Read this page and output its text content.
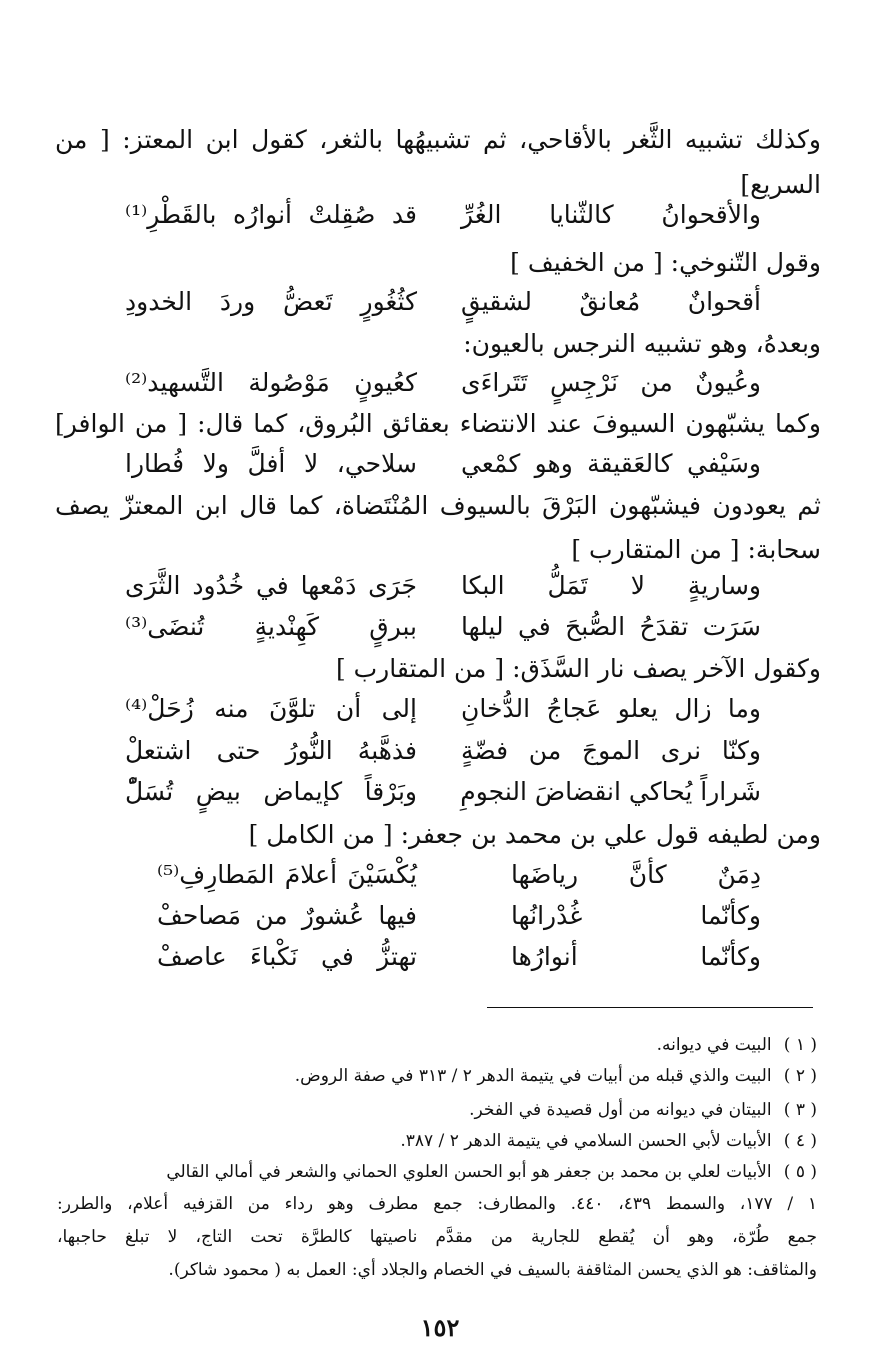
وكذلك تشبيه الثَّغر بالأقاحي، ثم تشبيهُها بالثغر، كقول ابن المعتز: [ من
السريع]
والأقحوانُ كالثّنايا الغُرِّ
قد صُقِلتْ أنوارُه بالقَطْرِ⁽¹⁾
وقول التّنوخي: [ من الخفيف ]
أقحوانٌ مُعانقٌ لشقيقٍ
كثُغُورٍ تَعضُّ وردَ الخدودِ
وبعدهُ، وهو تشبيه النرجس بالعيون:
وعُيونٌ من نَرْجِسٍ تَتَراءَى
كعُيونٍ مَوْصُولة التَّسهيد⁽²⁾
وكما يشبّهون السيوفَ عند الانتضاء بعقائق البُروق، كما قال: [ من الوافر]
وسَيْفي كالعَقيقة وهو كمْعي
سلاحي، لا أفلَّ ولا فُطارا
ثم يعودون فيشبّهون البَرْقَ بالسيوف المُنْتَضاة، كما قال ابن المعتزّ يصف
سحابة: [ من المتقارب ]
وساريةٍ لا تَمَلُّ البكا
جَرَى دَمْعها في خُدُود الثَّرَى
سَرَت تقدَحُ الصُّبحَ في ليلها
ببرقٍ كَهِنْديةٍ تُنضَى⁽³⁾
وكقول الآخر يصف نار السَّذَق: [ من المتقارب ]
وما زال يعلو عَجاجُ الدُّخانِ
إلى أن تلوَّنَ منه زُحَلْ⁽⁴⁾
وكنّا نرى الموجَ من فضّةٍ
فذهَّبهُ النُّورُ حتى اشتعلْ
شَراراً يُحاكي انقضاضَ النجومِ
وبَرْقاً كإيماض بيضٍ تُسَلّْ
ومن لطيفه قول علي بن محمد بن جعفر: [ من الكامل ]
دِمَنٌ كأنَّ رياضَها
يُكْسَيْنَ أعلامَ المَطارِفِ⁽⁵⁾
وكأنّما غُدْرانُها
فيها عُشورٌ من مَصاحفْ
وكأنّما أنوارُها
تهتزُّ في نَكْباءَ عاصفْ
( ١ ) البيت في ديوانه.
( ٢ ) البيت والذي قبله من أبيات في يتيمة الدهر ٢ / ٣١٣ في صفة الروض.
( ٣ ) البيتان في ديوانه من أول قصيدة في الفخر.
( ٤ ) الأبيات لأبي الحسن السلامي في يتيمة الدهر ٢ / ٣٨٧.
( ٥ ) الأبيات لعلي بن محمد بن جعفر هو أبو الحسن العلوي الحماني والشعر في أمالي القالي
١ / ١٧٧، والسمط ٤٣٩، ٤٤٠. والمطارف: جمع مطرف وهو رداء من القزفيه أعلام، والطرر:
جمع طُرّة، وهو أن يُقطع للجارية من مقدَّم ناصيتها كالطرَّة تحت التاج، لا تبلغ حاجبها،
والمثاقف: هو الذي يحسن المثاقفة بالسيف في الخصام والجلاد أي: العمل به ( محمود شاكر).
١٥٢
